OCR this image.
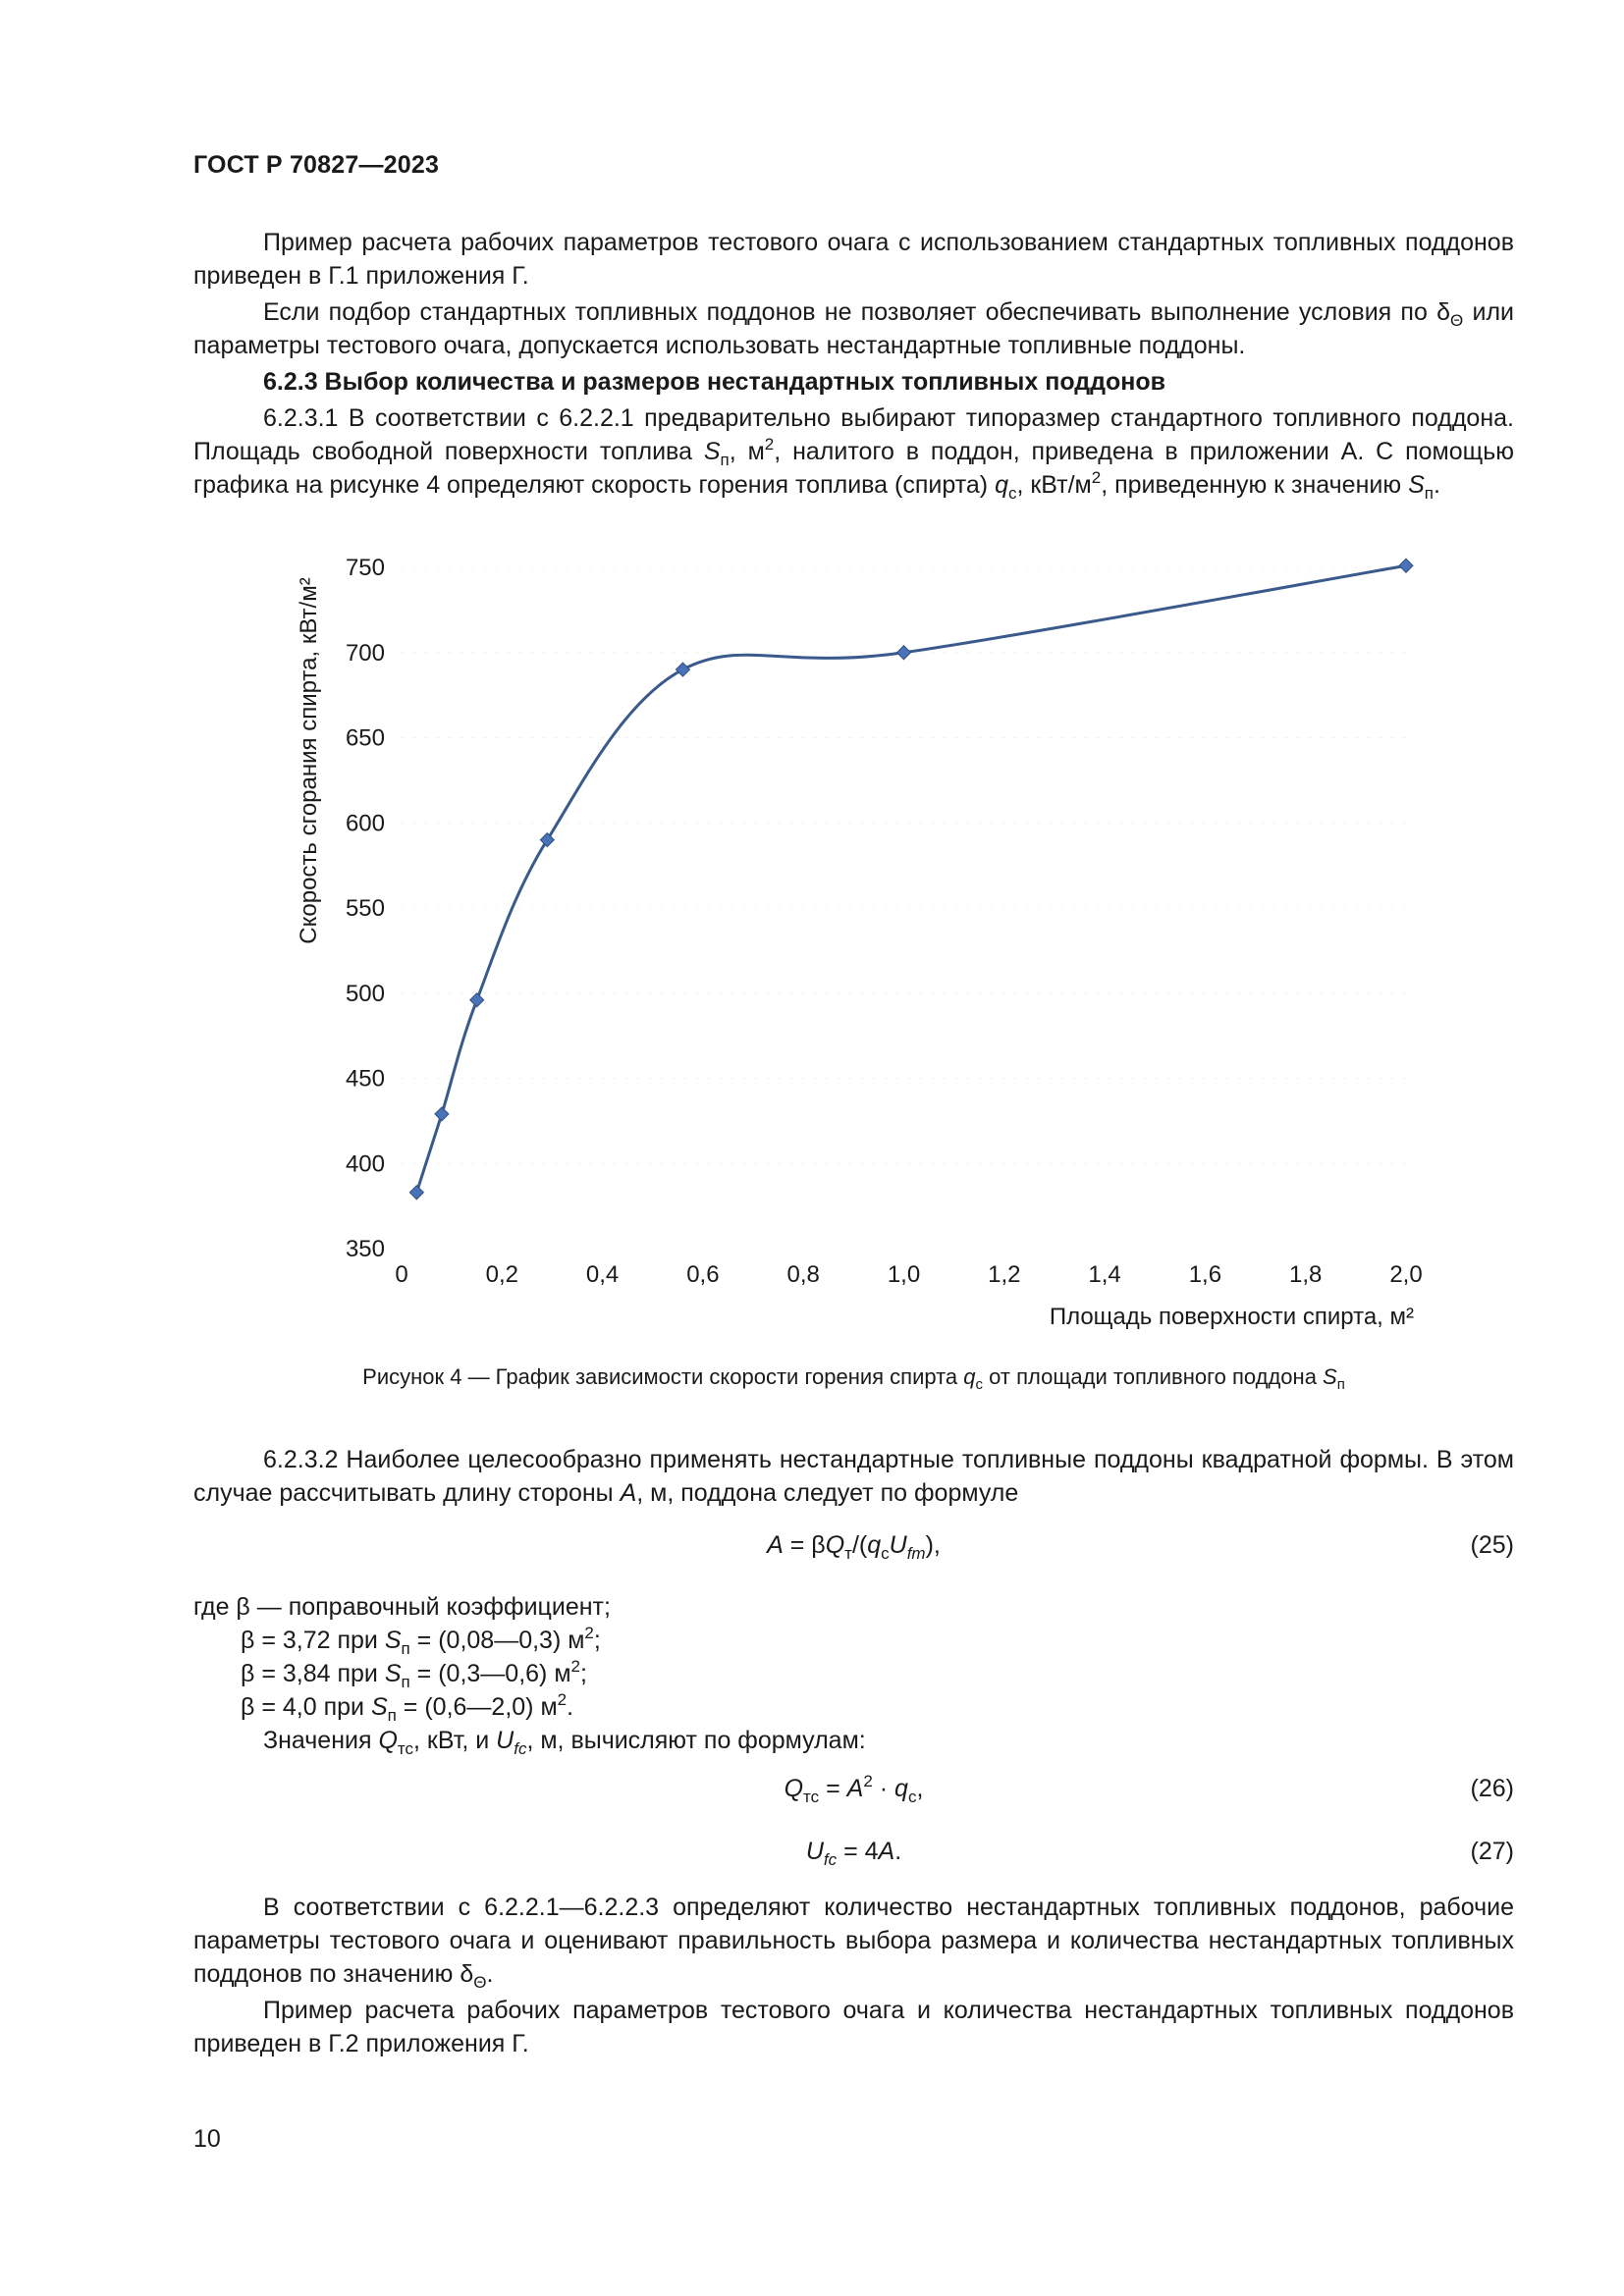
ГОСТ Р 70827—2023

Пример расчета рабочих параметров тестового очага с использованием стандартных топливных поддонов приведен в Г.1 приложения Г.

Если подбор стандартных топливных поддонов не позволяет обеспечивать выполнение условия по $\delta_\Theta$ или параметры тестового очага, допускается использовать нестандартные топливные поддоны.

6.2.3 Выбор количества и размеров нестандартных топливных поддонов

6.2.3.1 В соответствии с 6.2.2.1 предварительно выбирают типоразмер стандартного топливного поддона. Площадь свободной поверхности топлива $S_п$, $м^2$, налитого в поддон, приведена в приложении А. С помощью графика на рисунке 4 определяют скорость горения топлива (спирта) $q_с$, кВт/$м^2$, приведенную к значению $S_п$.

0	0,2	0,4	0,6	0,8	1,0	1,2	1,4	1,6	1,8	2,0
350
400
450
500
550
600
650
700
750
Площадь поверхности спирта, м²
Скорость сгорания спирта, кВт/м²
Рисунок 4 — График зависимости скорости горения спирта $q_с$ от площади топливного поддона $S_п$

6.2.3.2 Наиболее целесообразно применять нестандартные топливные поддоны квадратной формы. В этом случае рассчитывать длину стороны A, м, поддона следует по формуле

$A = \beta Q_т/(q_сU_{fт})$,	(25)
где β — поправочный коэффициент;
β = 3,72 при $S_п$ = (0,08—0,3) $м^2$;
β = 3,84 при $S_п$ = (0,3—0,6) $м^2$;
β = 4,0 при $S_п$ = (0,6—2,0) $м^2$.
Значения $Q_{тс}$, кВт, и $U_{fc}$, м, вычисляют по формулам:
$Q_{тс} = A^2 \cdot q_с$,	(26)
$U_{fc} = 4A$.	(27)

В соответствии с 6.2.2.1—6.2.2.3 определяют количество нестандартных топливных поддонов, рабочие параметры тестового очага и оценивают правильность выбора размера и количества нестандартных топливных поддонов по значению $\delta_\Theta$.

Пример расчета рабочих параметров тестового очага и количества нестандартных топливных поддонов приведен в Г.2 приложения Г.

10
